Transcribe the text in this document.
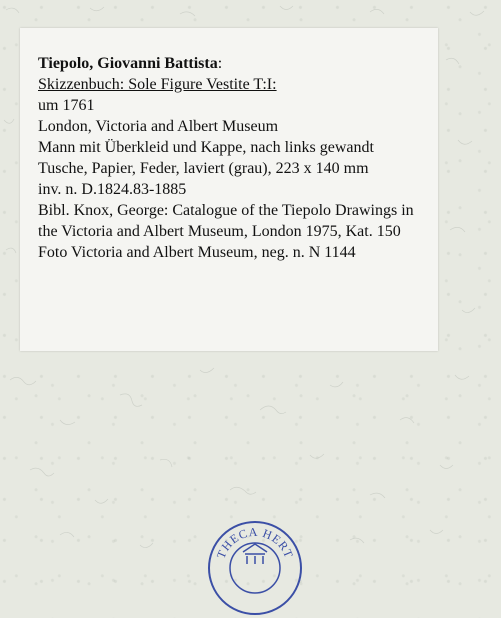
Tiepolo, Giovanni Battista:

Skizzenbuch: Sole Figure Vestite T:I:

um 1761

London, Victoria and Albert Museum

Mann mit Überkleid und Kappe, nach links gewandt

Tusche, Papier, Feder, laviert (grau), 223 x 140 mm

inv. n. D.1824.83-1885

Bibl. Knox, George: Catalogue of the Tiepolo Drawings in the Victoria and Albert Museum, London 1975, Kat. 150

Foto Victoria and Albert Museum, neg. n. N 1144

THECA HERT
